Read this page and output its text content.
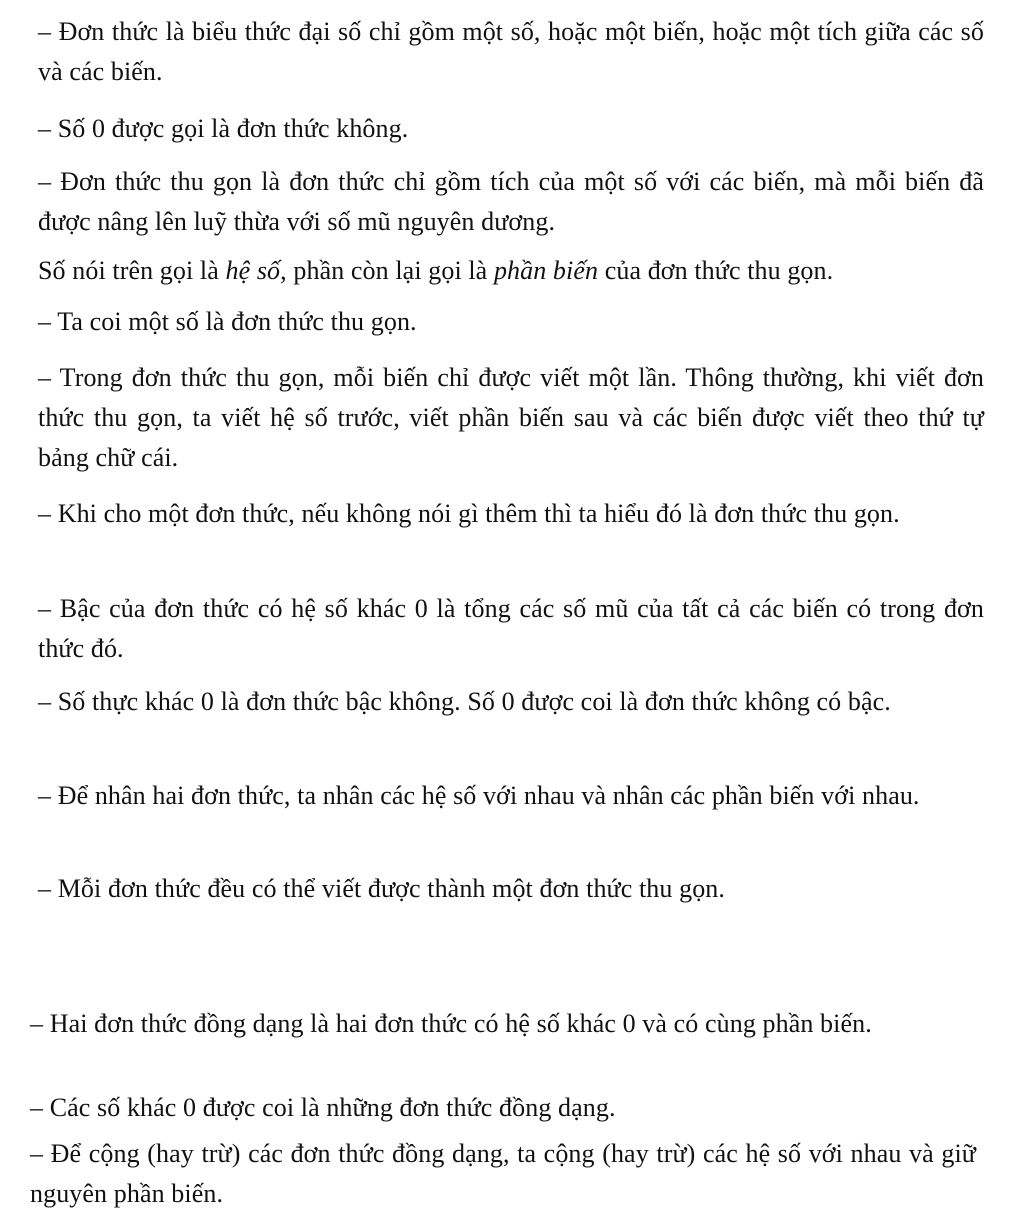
– Đơn thức là biểu thức đại số chỉ gồm một số, hoặc một biến, hoặc một tích giữa các số và các biến.

– Số 0 được gọi là đơn thức không.

– Đơn thức thu gọn là đơn thức chỉ gồm tích của một số với các biến, mà mỗi biến đã được nâng lên luỹ thừa với số mũ nguyên dương.

Số nói trên gọi là hệ số, phần còn lại gọi là phần biến của đơn thức thu gọn.

– Ta coi một số là đơn thức thu gọn.

– Trong đơn thức thu gọn, mỗi biến chỉ được viết một lần. Thông thường, khi viết đơn thức thu gọn, ta viết hệ số trước, viết phần biến sau và các biến được viết theo thứ tự bảng chữ cái.

– Khi cho một đơn thức, nếu không nói gì thêm thì ta hiểu đó là đơn thức thu gọn.

– Bậc của đơn thức có hệ số khác 0 là tổng các số mũ của tất cả các biến có trong đơn thức đó.

– Số thực khác 0 là đơn thức bậc không. Số 0 được coi là đơn thức không có bậc.

– Để nhân hai đơn thức, ta nhân các hệ số với nhau và nhân các phần biến với nhau.

– Mỗi đơn thức đều có thể viết được thành một đơn thức thu gọn.

– Hai đơn thức đồng dạng là hai đơn thức có hệ số khác 0 và có cùng phần biến.

– Các số khác 0 được coi là những đơn thức đồng dạng.

– Để cộng (hay trừ) các đơn thức đồng dạng, ta cộng (hay trừ) các hệ số với nhau và giữ nguyên phần biến.
